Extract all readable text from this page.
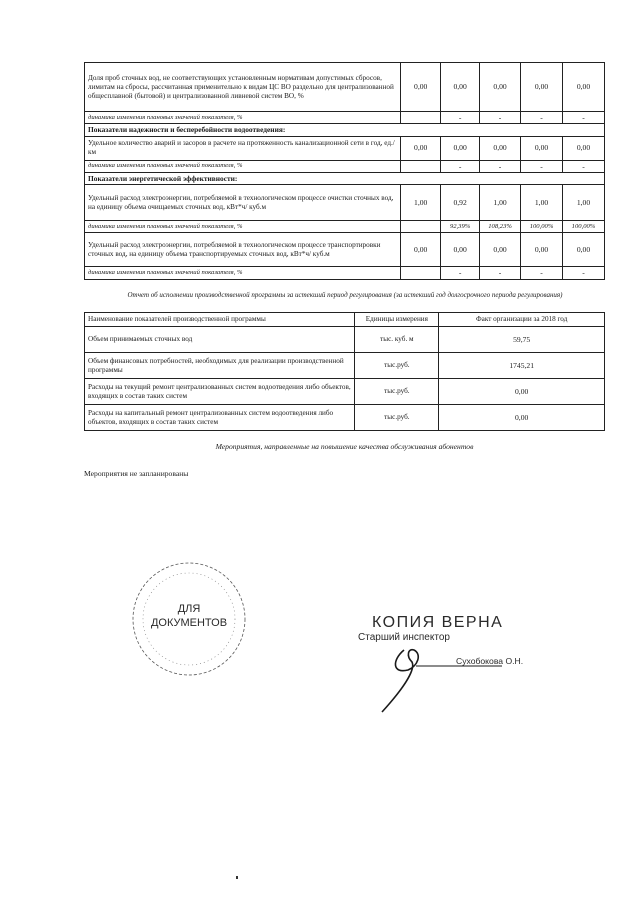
Доля проб сточных вод, не соответствующих установленным нормативам допустимых сбросов, лимитам на сбросы, рассчитанная применительно к видам ЦС ВО раздельно для централизованной общесплавной (бытовой) и централизованной ливневой систем ВО, %	0,00	0,00	0,00	0,00	0,00
динамика изменения плановых значений показателя, %		-	-	-	-
Показатели надежности и бесперебойности водоотведения:					
Удельное количество аварий и засоров в расчете на протяженность канализационной сети в год, ед./км	0,00	0,00	0,00	0,00	0,00
динамика изменения плановых значений показателя, %		-	-	-	-
Показатели энергетической эффективности:					
Удельный расход электроэнергии, потребляемой в технологическом процессе очистки сточных вод, на единицу объема очищаемых сточных вод, кВт*ч/ куб.м	1,00	0,92	1,00	1,00	1,00
динамика изменения плановых значений показателя, %		92,39%	108,23%	100,00%	100,00%
Удельный расход электроэнергии, потребляемой в технологическом процессе транспортировки сточных вод, на единицу объема транспортируемых сточных вод, кВт*ч/ куб.м	0,00	0,00	0,00	0,00	0,00
динамика изменения плановых значений показателя, %		-	-	-	-
Отчет об исполнении производственной программы за истекший период регулирования (за истекший год долгосрочного периода регулирования)
Наименование показателей производственной программы	Единицы измерения	Факт организации за 2018 год
Объем принимаемых сточных вод	тыс. куб. м	59,75
Объем финансовых потребностей, необходимых для реализации производственной программы	тыс.руб.	1745,21
Расходы на текущий ремонт централизованных систем водоотведения либо объектов, входящих в состав таких систем	тыс.руб.	0,00
Расходы на капитальный ремонт централизованных систем водоотведения либо объектов, входящих в состав таких систем	тыс.руб.	0,00
Мероприятия, направленные на повышение качества обслуживания абонентов
Мероприятия не запланированы
ДЛЯ
ДОКУМЕНТОВ	КОПИЯ ВЕРНА
Старший инспектор
Сухобокова О.Н.
